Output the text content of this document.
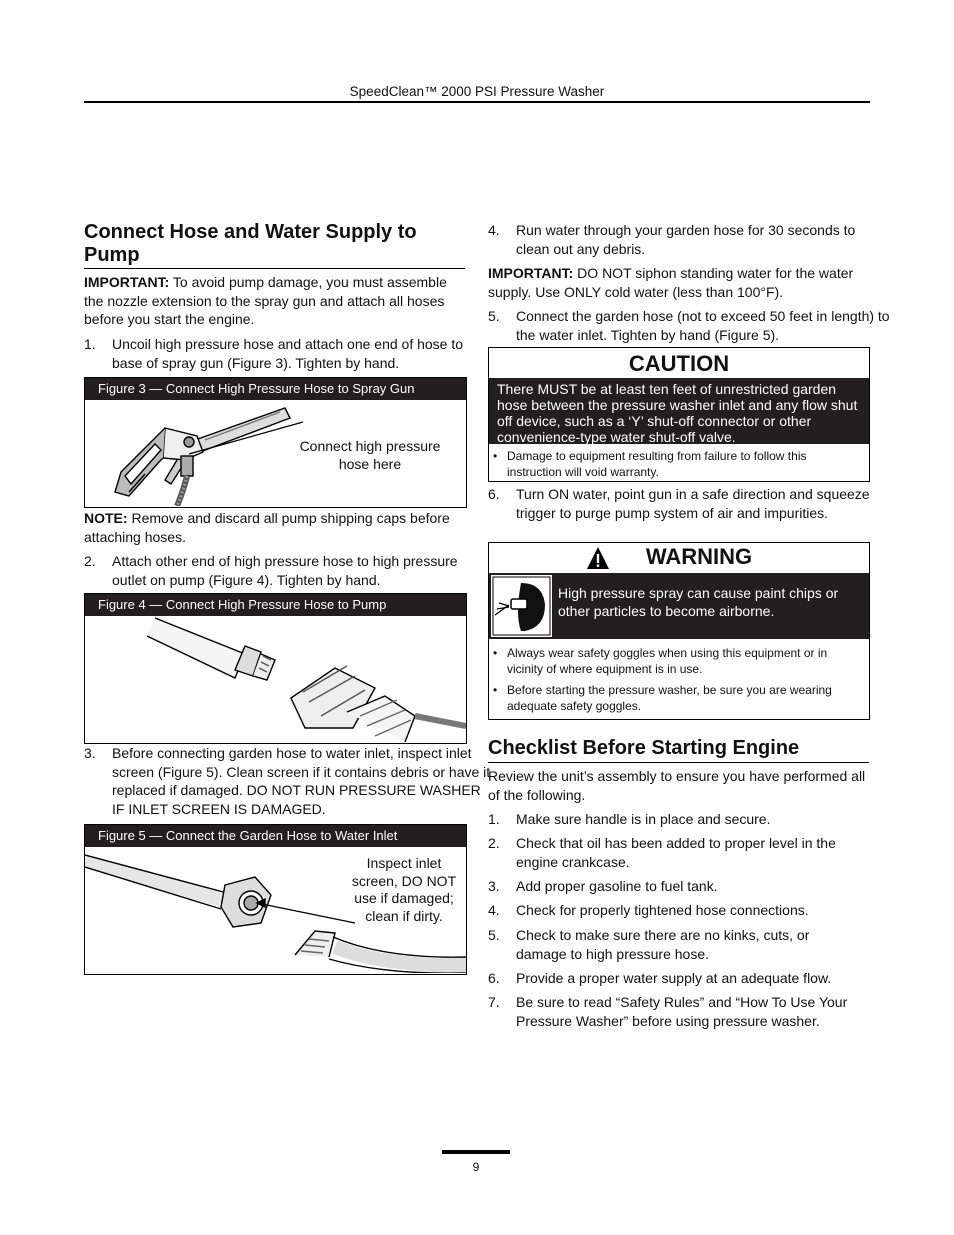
SpeedClean™ 2000 PSI Pressure Washer
Connect Hose and Water Supply to Pump

IMPORTANT: To avoid pump damage, you must assemble the nozzle extension to the spray gun and attach all hoses before you start the engine.

1. Uncoil high pressure hose and attach one end of hose to base of spray gun (Figure 3). Tighten by hand.
Figure 3 — Connect High Pressure Hose to Spray Gun
Connect high pressure hose here

NOTE: Remove and discard all pump shipping caps before attaching hoses.

2. Attach other end of high pressure hose to high pressure outlet on pump (Figure 4). Tighten by hand.
Figure 4 — Connect High Pressure Hose to Pump
3. Before connecting garden hose to water inlet, inspect inlet screen (Figure 5). Clean screen if it contains debris or have it replaced if damaged. DO NOT RUN PRESSURE WASHER IF INLET SCREEN IS DAMAGED.
Figure 5 — Connect the Garden Hose to Water Inlet
Inspect inlet screen, DO NOT use if damaged; clean if dirty.
4. Run water through your garden hose for 30 seconds to clean out any debris.

IMPORTANT: DO NOT siphon standing water for the water supply. Use ONLY cold water (less than 100°F).

5. Connect the garden hose (not to exceed 50 feet in length) to the water inlet. Tighten by hand (Figure 5).
CAUTION
There MUST be at least ten feet of unrestricted garden hose between the pressure washer inlet and any flow shut off device, such as a ‘Y’ shut-off connector or other convenience-type water shut-off valve.
• Damage to equipment resulting from failure to follow this instruction will void warranty.
6. Turn ON water, point gun in a safe direction and squeeze trigger to purge pump system of air and impurities.
WARNING
High pressure spray can cause paint chips or other particles to become airborne.
• Always wear safety goggles when using this equipment or in vicinity of where equipment is in use.
• Before starting the pressure washer, be sure you are wearing adequate safety goggles.
Checklist Before Starting Engine

Review the unit’s assembly to ensure you have performed all of the following.

1. Make sure handle is in place and secure.
2. Check that oil has been added to proper level in the engine crankcase.
3. Add proper gasoline to fuel tank.
4. Check for properly tightened hose connections.
5. Check to make sure there are no kinks, cuts, or damage to high pressure hose.
6. Provide a proper water supply at an adequate flow.
7. Be sure to read “Safety Rules” and “How To Use Your Pressure Washer” before using pressure washer.
9
